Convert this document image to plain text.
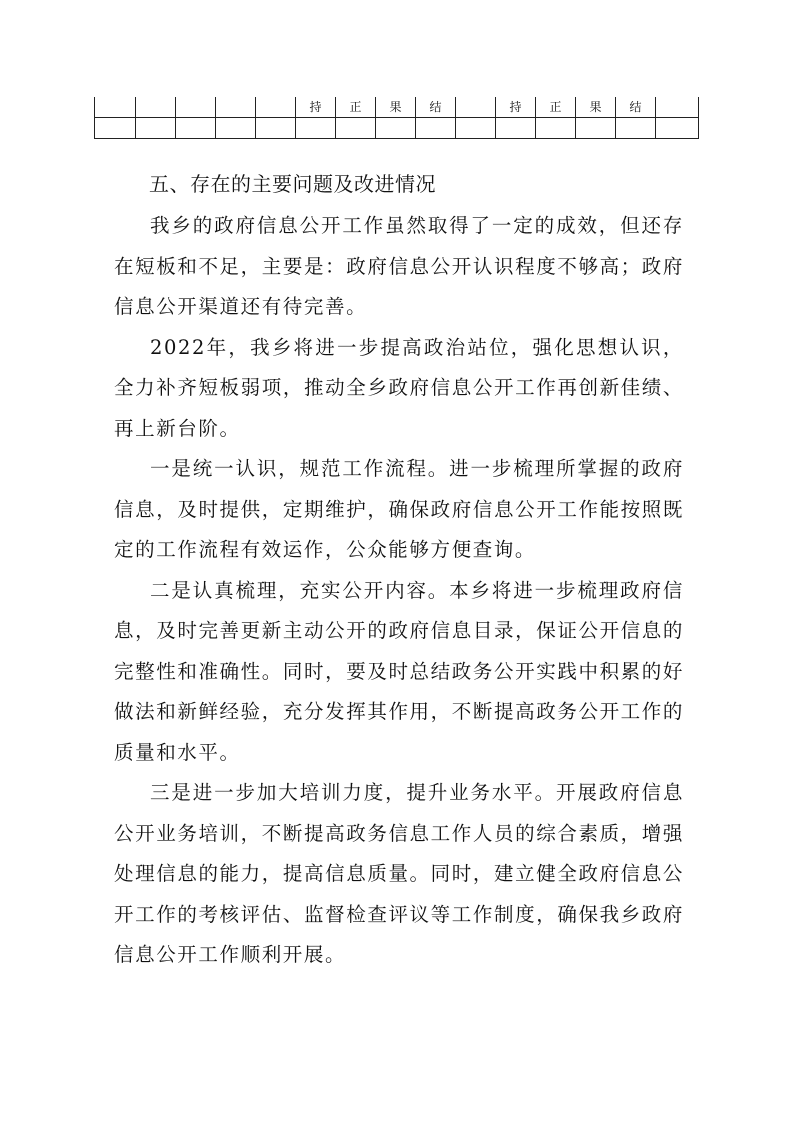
					持	正	果	结		持	正	果	结	

五、存在的主要问题及改进情况

我乡的政府信息公开工作虽然取得了一定的成效，但还存在短板和不足，主要是：政府信息公开认识程度不够高；政府信息公开渠道还有待完善。

2022年，我乡将进一步提高政治站位，强化思想认识，全力补齐短板弱项，推动全乡政府信息公开工作再创新佳绩、再上新台阶。

一是统一认识，规范工作流程。进一步梳理所掌握的政府信息，及时提供，定期维护，确保政府信息公开工作能按照既定的工作流程有效运作，公众能够方便查询。

二是认真梳理，充实公开内容。本乡将进一步梳理政府信息，及时完善更新主动公开的政府信息目录，保证公开信息的完整性和准确性。同时，要及时总结政务公开实践中积累的好做法和新鲜经验，充分发挥其作用，不断提高政务公开工作的质量和水平。

三是进一步加大培训力度，提升业务水平。开展政府信息公开业务培训，不断提高政务信息工作人员的综合素质，增强处理信息的能力，提高信息质量。同时，建立健全政府信息公开工作的考核评估、监督检查评议等工作制度，确保我乡政府信息公开工作顺利开展。
